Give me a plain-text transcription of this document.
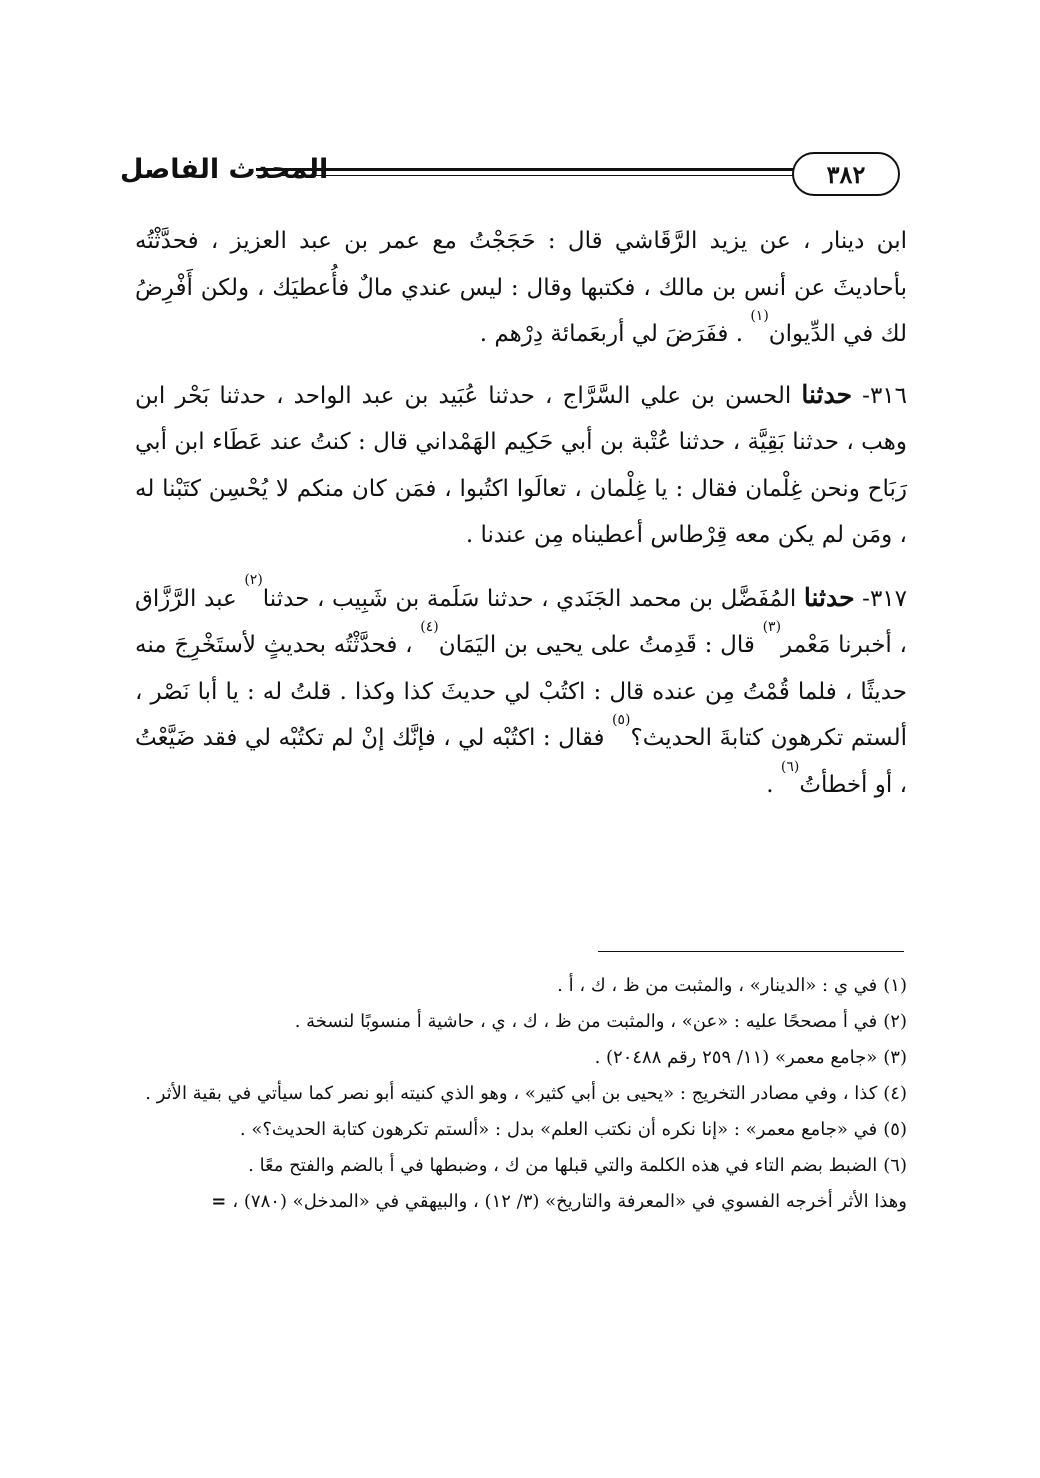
٣٨٢
المحدث الفاصل

ابن دينار ، عن يزيد الرَّقَاشي قال : حَجَجْتُ مع عمر بن عبد العزيز ، فحدَّثْتُه بأحاديثَ عن أنس بن مالك ، فكتبها وقال : ليس عندي مالٌ فأُعطيَك ، ولكن أَفْرِضُ لك في الدِّيوان$^{(١)}$ . ففَرَضَ لي أربعَمائة دِرْهم .

٣١٦- حدثنا الحسن بن علي السَّرَّاج ، حدثنا عُبَيد بن عبد الواحد ، حدثنا بَحْر ابن وهب ، حدثنا بَقِيَّة ، حدثنا عُتْبة بن أبي حَكِيم الهَمْداني قال : كنتُ عند عَطَاء ابن أبي رَبَاح ونحن غِلْمان فقال : يا غِلْمان ، تعالَوا اكتُبوا ، فمَن كان منكم لا يُحْسِن كتَبْنا له ، ومَن لم يكن معه قِرْطاس أعطيناه مِن عندنا .

٣١٧- حدثنا المُفَضَّل بن محمد الجَنَدي ، حدثنا سَلَمة بن شَبِيب ، حدثنا$^{(٢)}$ عبد الرَّزَّاق ، أخبرنا مَعْمر$^{(٣)}$ قال : قَدِمتُ على يحيى بن اليَمَان$^{(٤)}$ ، فحدَّثْتُه بحديثٍ لأستَخْرِجَ منه حديثًا ، فلما قُمْتُ مِن عنده قال : اكتُبْ لي حديثَ كذا وكذا . قلتُ له : يا أبا نَصْر ، ألستم تكرهون كتابةَ الحديث؟$^{(٥)}$ فقال : اكتُبْه لي ، فإنَّك إنْ لم تكتُبْه لي فقد ضَيَّعْتُ ، أو أخطأتُ$^{(٦)}$ .

(١)في ي : «الدينار» ، والمثبت من ظ ، ك ، أ .

(٢)في أ مصححًا عليه : «عن» ، والمثبت من ظ ، ك ، ي ، حاشية أ منسوبًا لنسخة .

(٣)«جامع معمر» (١١/ ٢٥٩ رقم ٢٠٤٨٨) .

(٤)كذا ، وفي مصادر التخريج : «يحيى بن أبي كثير» ، وهو الذي كنيته أبو نصر كما سيأتي في بقية الأثر .

(٥)في «جامع معمر» : «إنا نكره أن نكتب العلم» بدل : «ألستم تكرهون كتابة الحديث؟» .

(٦)الضبط بضم التاء في هذه الكلمة والتي قبلها من ك ، وضبطها في أ بالضم والفتح معًا .

وهذا الأثر أخرجه الفسوي في «المعرفة والتاريخ» (٣/ ١٢) ، والبيهقي في «المدخل» (٧٨٠) ،=
